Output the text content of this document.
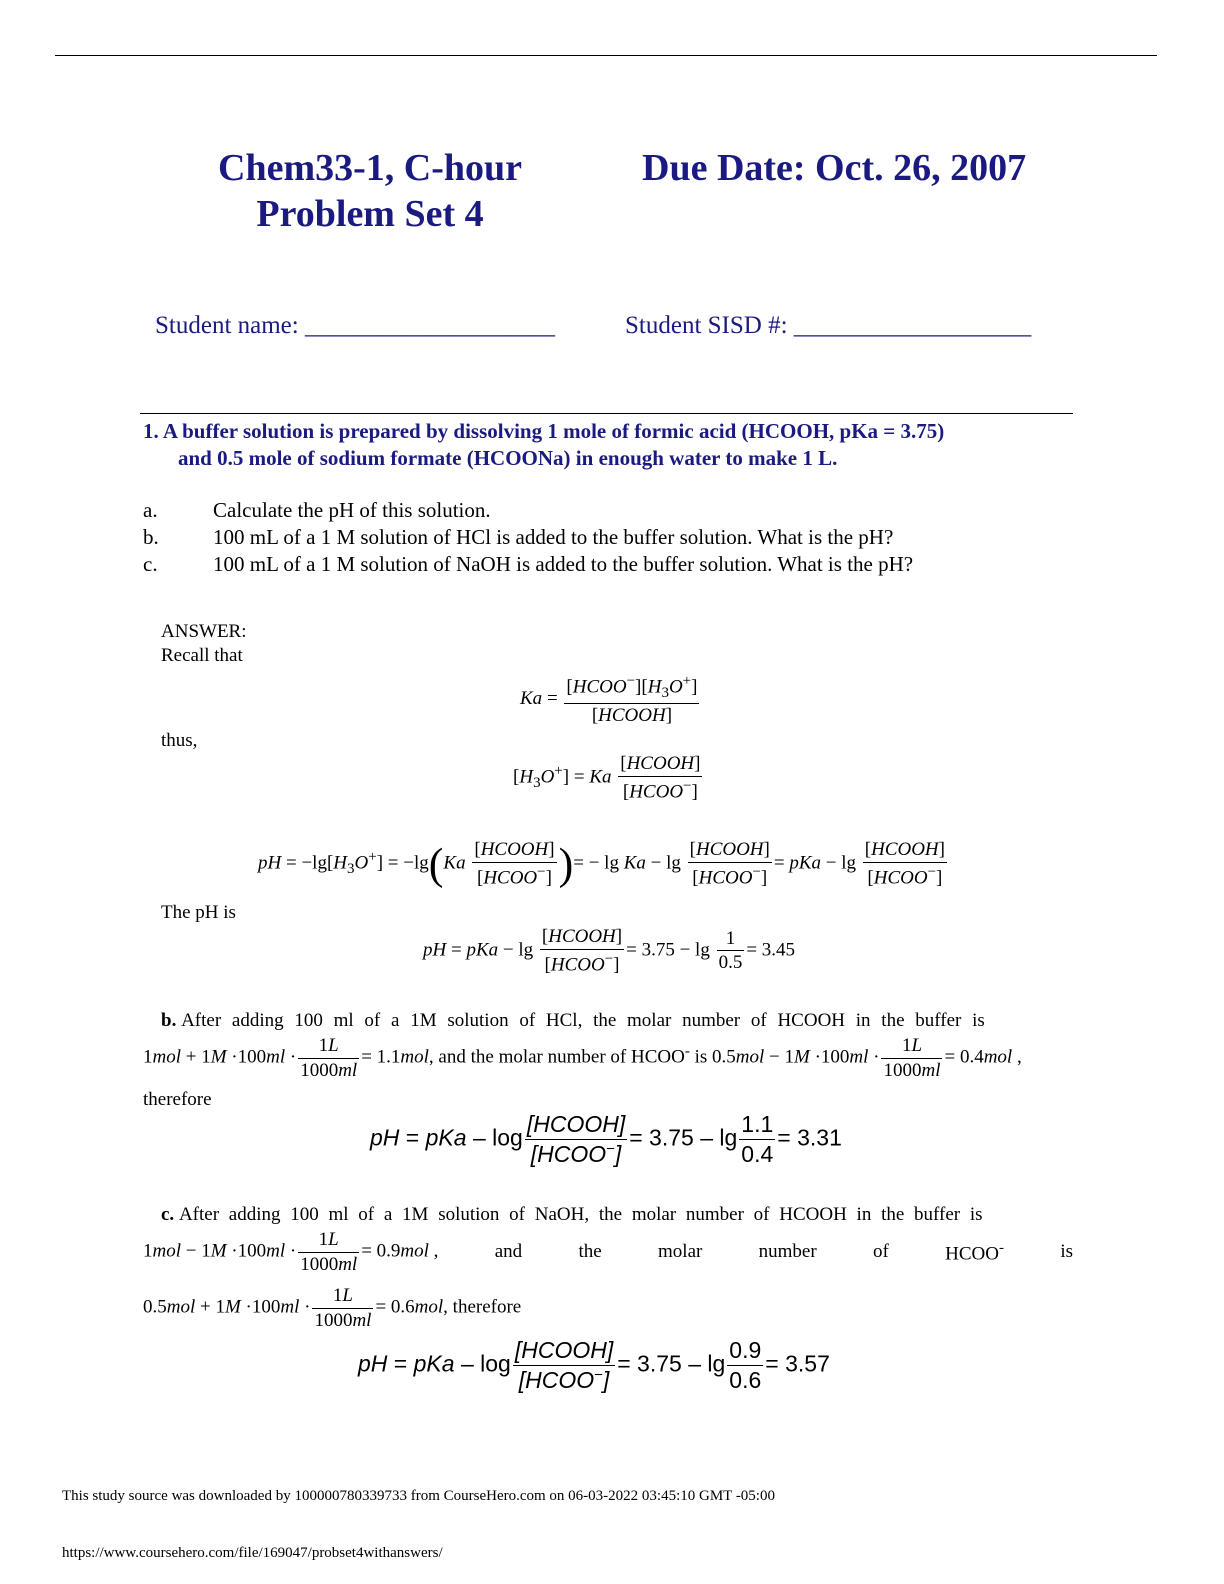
Chem33-1, C-hour
Problem Set 4
Due Date: Oct. 26, 2007
Student name: ____________________	Student SISD #: ___________________
1. A buffer solution is prepared by dissolving 1 mole of formic acid (HCOOH, pKa = 3.75)
and 0.5 mole of sodium formate (HCOONa) in enough water to make 1 L.
a.	Calculate the pH of this solution.
b.	100 mL of a 1 M solution of HCl is added to the buffer solution. What is the pH?
c.	100 mL of a 1 M solution of NaOH is added to the buffer solution. What is the pH?
ANSWER:
Recall that
$Ka = \frac{[HCOO^-][H_3O^+]}{\text{[HCOOH]}}$
thus,
$[H_3O^+] = Ka \frac{\text{[HCOOH]}}{[HCOO^-]}$
pH = $-\lg[H_3O^+] = -\lg(Ka \frac{\text{[HCOOH]}}{[HCOO^-]}$ )= − $\lg Ka - \lg \frac{\text{[HCOOH]}}{[HCOO^-]}$ = pKa − $\lg \frac{\text{[HCOOH]}}{[HCOO^-]}$
The pH is
pH = pKa − $\lg \frac{\text{[HCOOH]}}{[HCOO^-]} = 3.75 - \lg \frac{1}{0.5} = 3.45$
b. After adding 100 ml of a 1M solution of HCl, the molar number of HCOOH in the buffer is
$1mol + 1M \cdot 100ml \cdot \frac{1L}{1000ml} = 1.1mol$, and the molar number of HCOO- is $0.5mol - 1M \cdot 100ml \cdot \frac{1L}{1000ml} = 0.4mol$ ,
therefore
pH = pKa – $\log \frac{\text{[HCOOH]}}{[HCOO^-]} = 3.75 - \lg \frac{1.1}{0.4} = 3.31$
c. After adding 100 ml of a 1M solution of NaOH, the molar number of HCOOH in the buffer is
$1mol - 1M \cdot 100ml \cdot \frac{1L}{1000ml} = 0.9mol$ ,	and	the	molar	number	of	HCOO-	is
$0.5mol + 1M \cdot 100ml \cdot \frac{1L}{1000ml} = 0.6mol$, therefore
pH = pKa – $\log \frac{\text{[HCOOH]}}{[HCOO^-]} = 3.75 - \lg \frac{0.9}{0.6} = 3.57$
This study source was downloaded by 100000780339733 from CourseHero.com on 06-03-2022 03:45:10 GMT -05:00
https://www.coursehero.com/file/169047/probset4withanswers/
